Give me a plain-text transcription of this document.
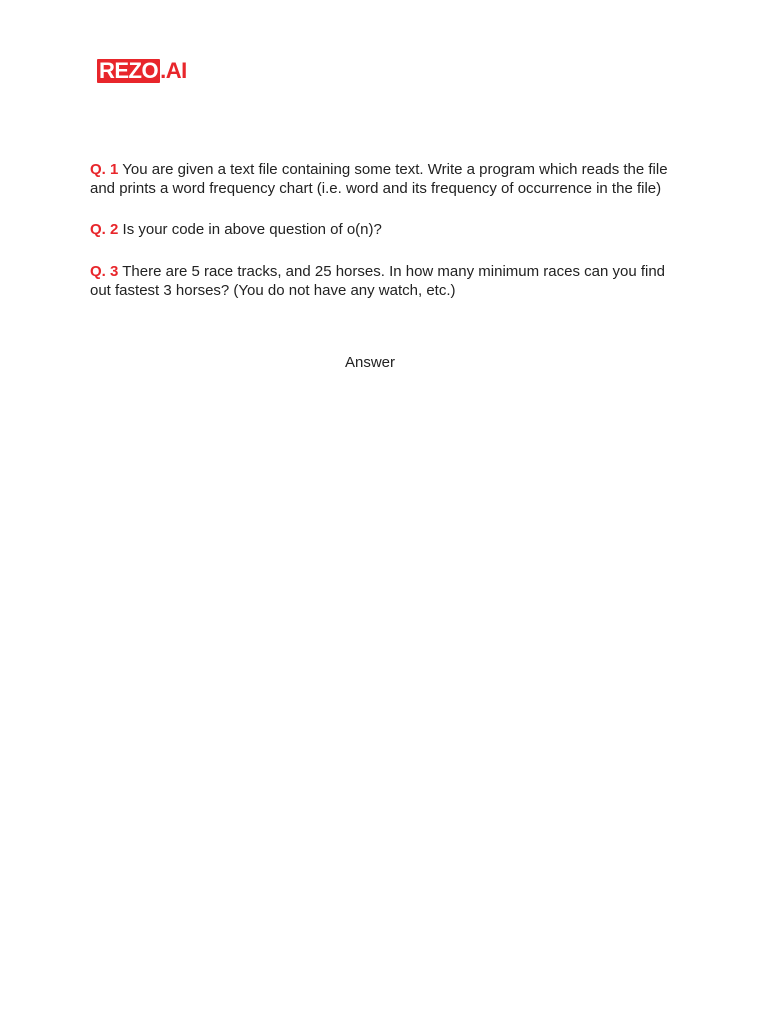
REZO .AI
Q. 1 You are given a text file containing some text. Write a program which reads the file and prints a word frequency chart (i.e. word and its frequency of occurrence in the file)
Q. 2 Is your code in above question of o(n)?
Q. 3 There are 5 race tracks, and 25 horses. In how many minimum races can you find out fastest 3 horses? (You do not have any watch, etc.)
Answer
